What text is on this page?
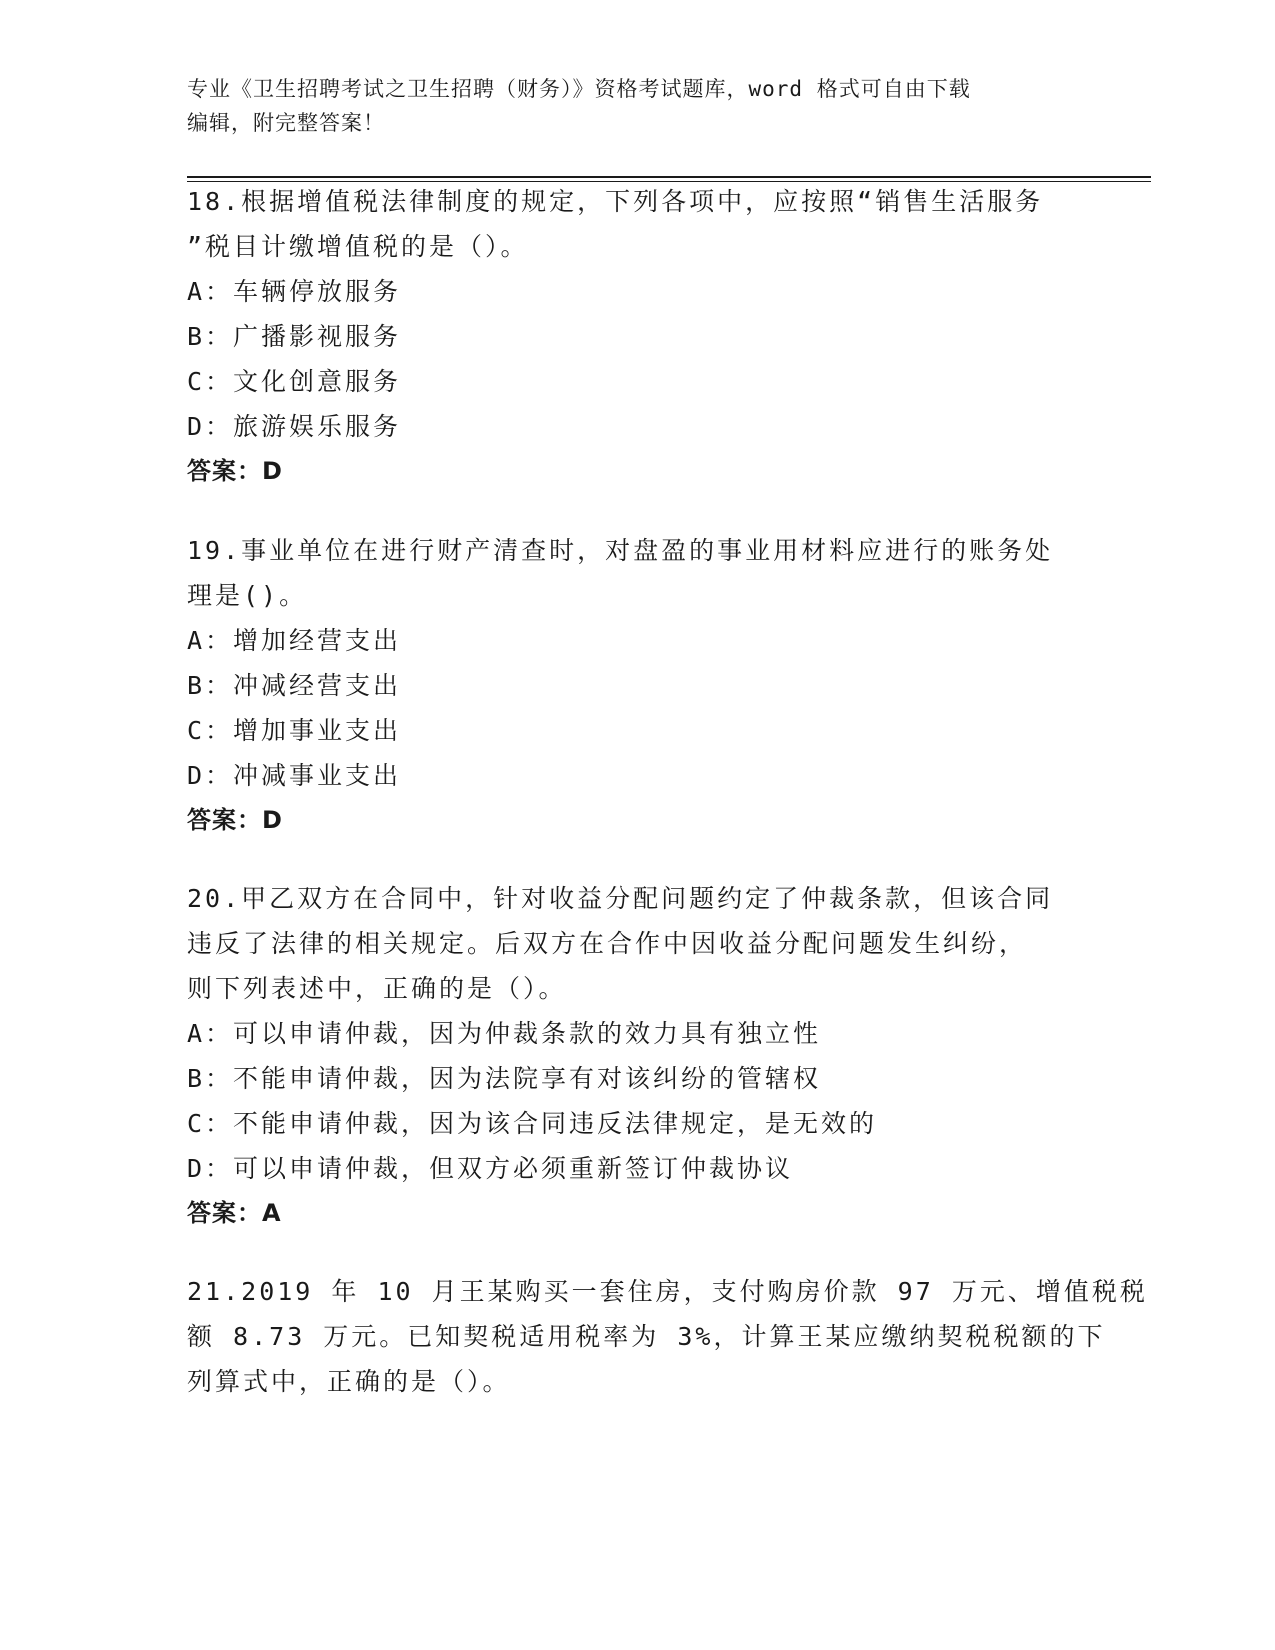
专业《卫生招聘考试之卫生招聘（财务）》资格考试题库，word 格式可自由下载
编辑，附完整答案！
18.根据增值税法律制度的规定，下列各项中，应按照“销售生活服务
”税目计缴增值税的是（）。
A：车辆停放服务
B：广播影视服务
C：文化创意服务
D：旅游娱乐服务
答案：D
19.事业单位在进行财产清查时，对盘盈的事业用材料应进行的账务处
理是()。
A：增加经营支出
B：冲减经营支出
C：增加事业支出
D：冲减事业支出
答案：D
20.甲乙双方在合同中，针对收益分配问题约定了仲裁条款，但该合同
违反了法律的相关规定。后双方在合作中因收益分配问题发生纠纷，
则下列表述中，正确的是（）。
A：可以申请仲裁，因为仲裁条款的效力具有独立性
B：不能申请仲裁，因为法院享有对该纠纷的管辖权
C：不能申请仲裁，因为该合同违反法律规定，是无效的
D：可以申请仲裁，但双方必须重新签订仲裁协议
答案：A
21.2019 年 10 月王某购买一套住房，支付购房价款 97 万元、增值税税
额 8.73 万元。已知契税适用税率为 3%，计算王某应缴纳契税税额的下
列算式中，正确的是（）。
